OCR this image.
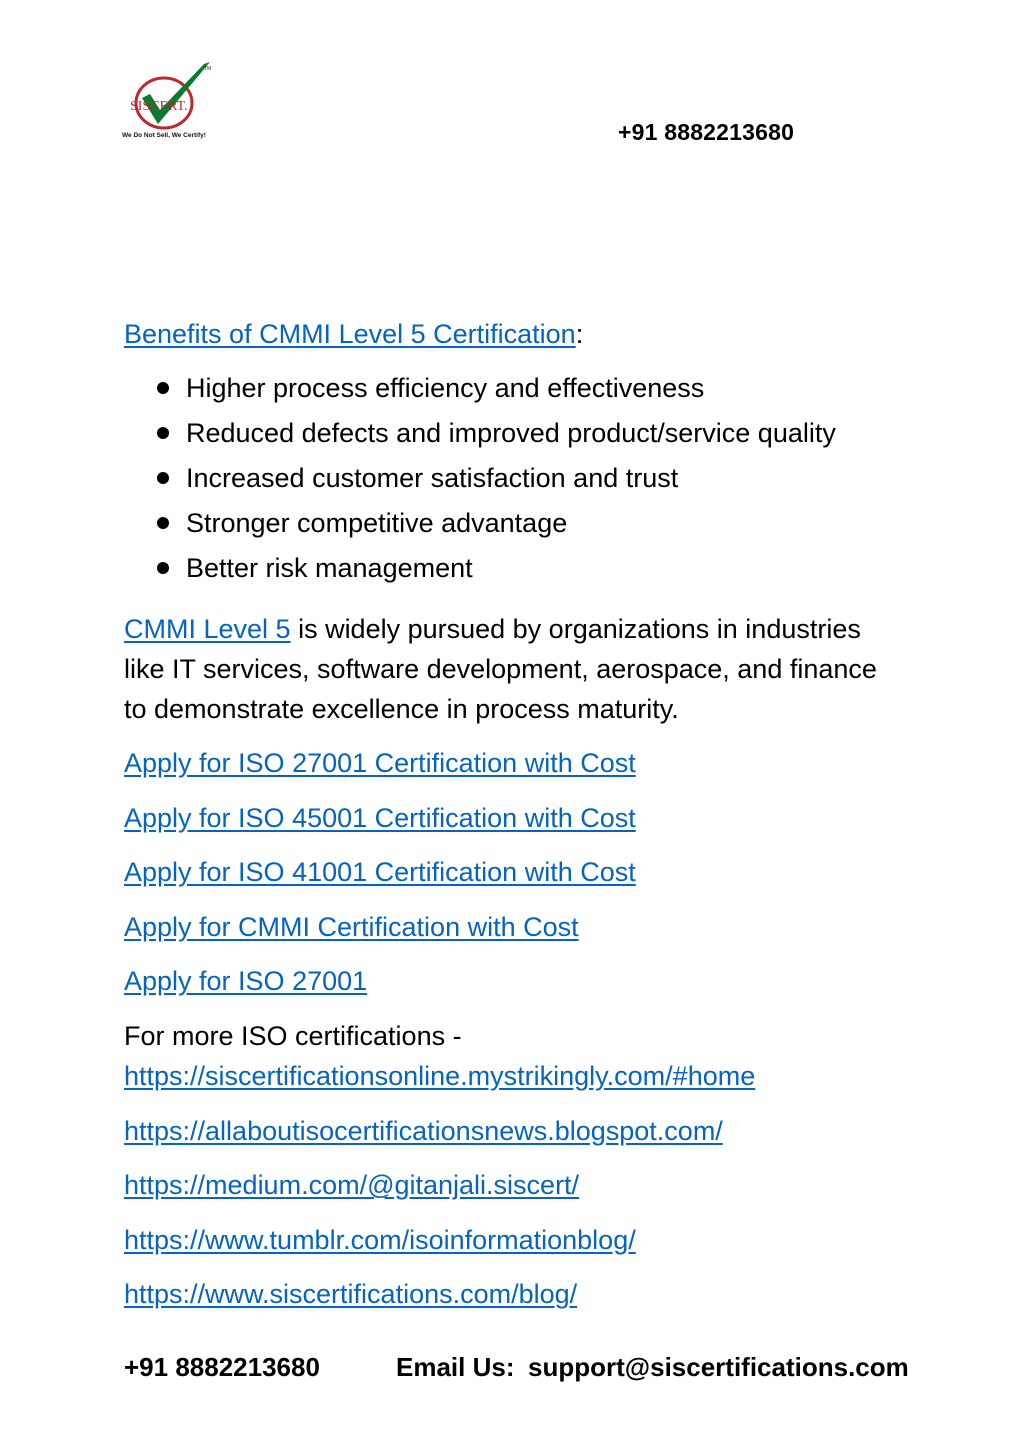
SISCERT.
TM
We Do Not Sell, We Certify!	+91 8882213680
Benefits of CMMI Level 5 Certification:
Higher process efficiency and effectiveness
Reduced defects and improved product/service quality
Increased customer satisfaction and trust
Stronger competitive advantage
Better risk management

CMMI Level 5 is widely pursued by organizations in industries like IT services, software development, aerospace, and finance to demonstrate excellence in process maturity.

Apply for ISO 27001 Certification with Cost
Apply for ISO 45001 Certification with Cost
Apply for ISO 41001 Certification with Cost
Apply for CMMI Certification with Cost
Apply for ISO 27001
For more ISO certifications -
https://siscertificationsonline.mystrikingly.com/#home
https://allaboutisocertificationsnews.blogspot.com/
https://medium.com/@gitanjali.siscert/
https://www.tumblr.com/isoinformationblog/
https://www.siscertifications.com/blog/
+91 8882213680	Email Us: support@siscertifications.com
